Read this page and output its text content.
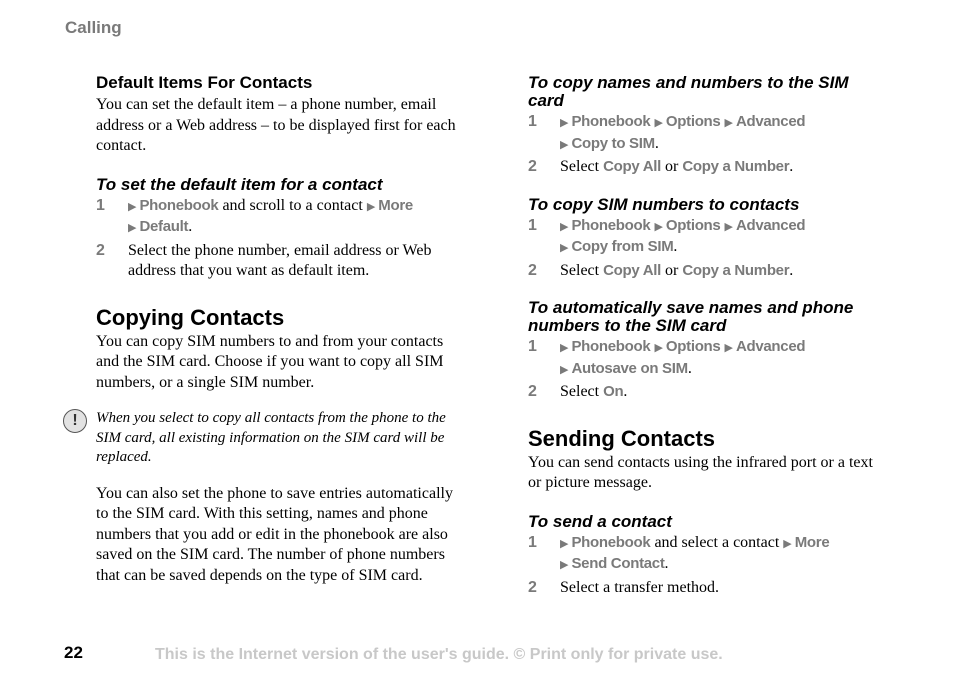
Calling
Default Items For Contacts

You can set the default item – a phone number, email address or a Web address – to be displayed first for each contact.

To set the default item for a contact
1 ▶ Phonebook and scroll to a contact ▶ More
▶ Default.
2 Select the phone number, email address or Web address that you want as default item.
Copying Contacts

You can copy SIM numbers to and from your contacts and the SIM card. Choose if you want to copy all SIM numbers, or a single SIM number.

!	When you select to copy all contacts from the phone to the SIM card, all existing information on the SIM card will be replaced.

You can also set the phone to save entries automatically to the SIM card. With this setting, names and phone numbers that you add or edit in the phonebook are also saved on the SIM card. The number of phone numbers that can be saved depends on the type of SIM card.

To copy names and numbers to the SIM card
1 ▶ Phonebook ▶ Options ▶ Advanced
▶ Copy to SIM.
2 Select Copy All or Copy a Number.
To copy SIM numbers to contacts
1 ▶ Phonebook ▶ Options ▶ Advanced
▶ Copy from SIM.
2 Select Copy All or Copy a Number.
To automatically save names and phone numbers to the SIM card
1 ▶ Phonebook ▶ Options ▶ Advanced
▶ Autosave on SIM.
2 Select On.
Sending Contacts

You can send contacts using the infrared port or a text or picture message.

To send a contact
1 ▶ Phonebook and select a contact ▶ More
▶ Send Contact.
2 Select a transfer method.
22	This is the Internet version of the user's guide. © Print only for private use.
